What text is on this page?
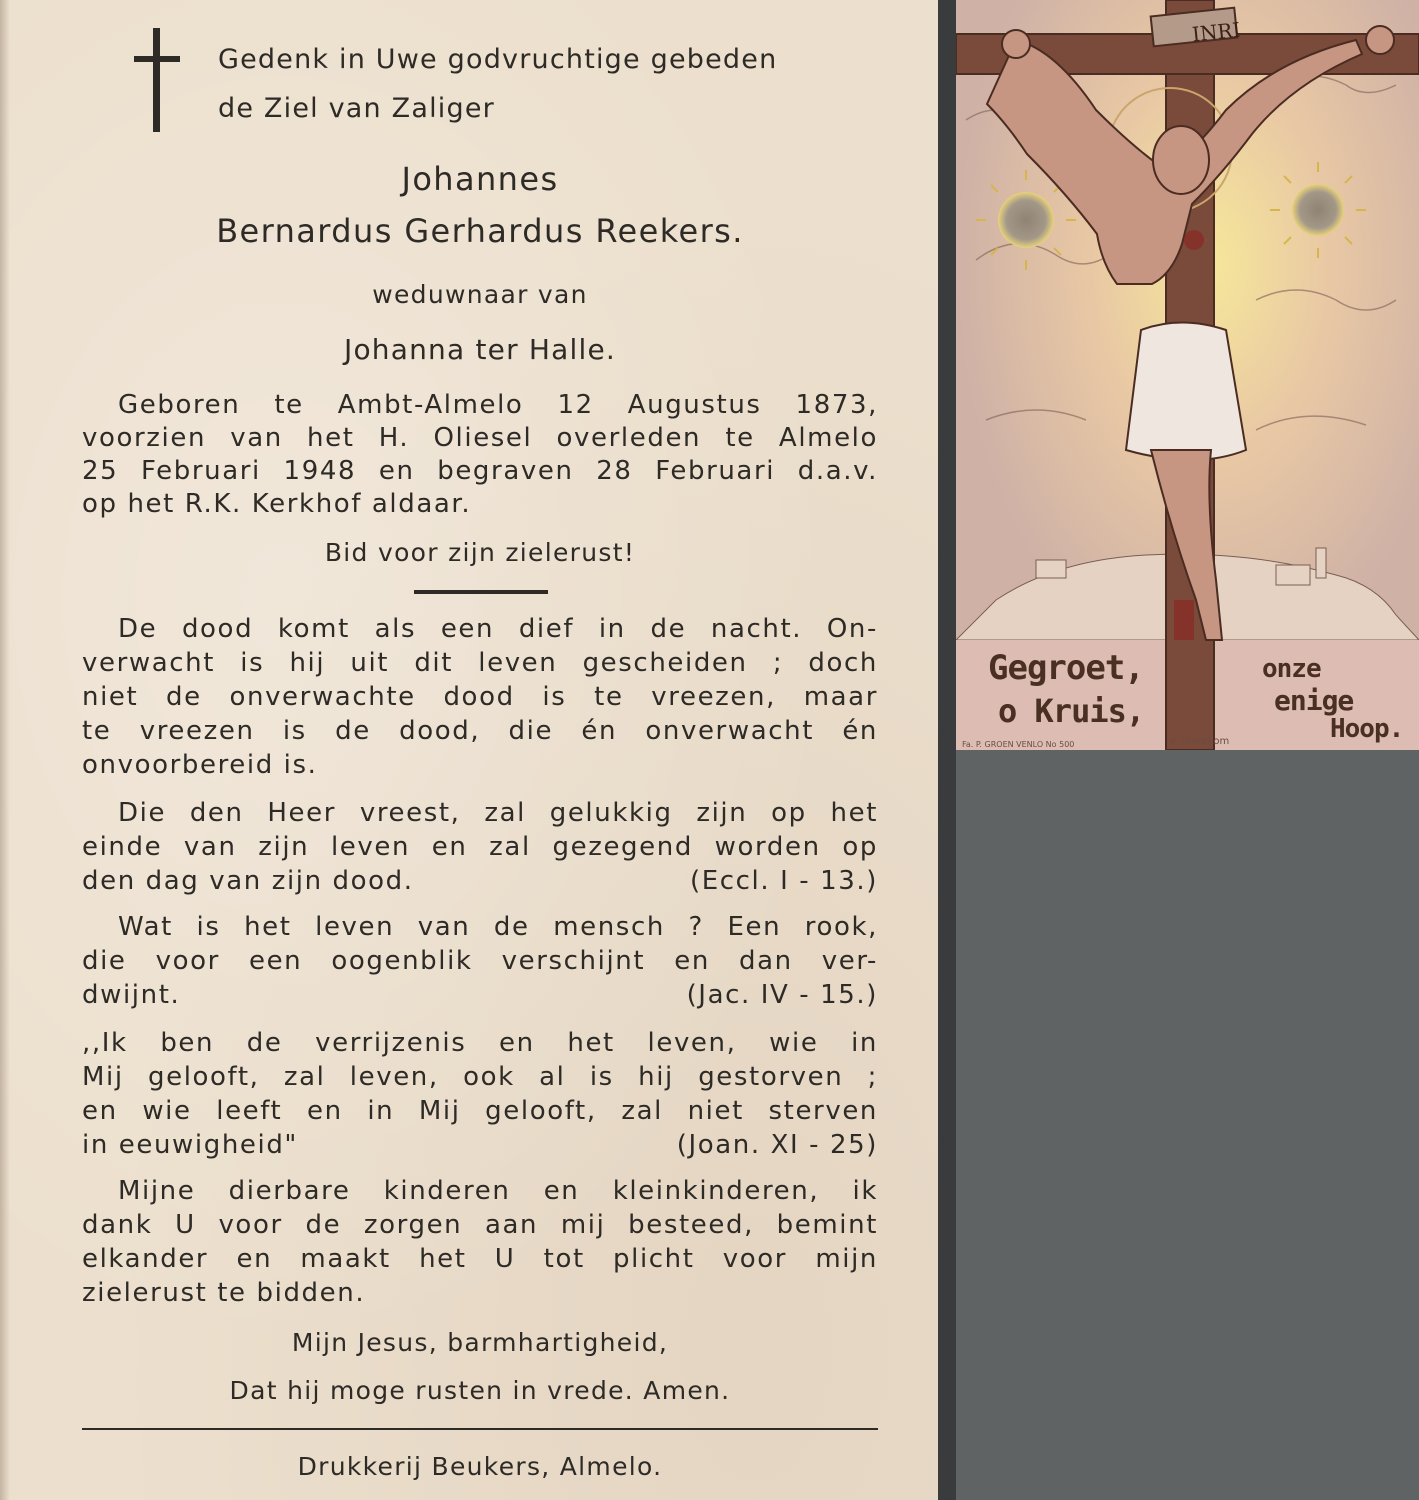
Gedenk in Uwe godvruchtige gebeden
de Ziel van Zaliger
Johannes
Bernardus Gerhardus Reekers.
weduwnaar van
Johanna ter Halle.
Geboren te Ambt-Almelo 12 Augustus 1873,
voorzien van het H. Oliesel overleden te Almelo
25 Februari 1948 en begraven 28 Februari d.a.v.
op het R.K. Kerkhof aldaar.
Bid voor zijn zielerust!
De dood komt als een dief in de nacht. On-
verwacht is hij uit dit leven gescheiden ; doch
niet de onverwachte dood is te vreezen, maar
te vreezen is de dood, die én onverwacht én
onvoorbereid is.
Die den Heer vreest, zal gelukkig zijn op het
einde van zijn leven en zal gezegend worden op
den dag van zijn dood.	(Eccl. I - 13.)
Wat is het leven van de mensch ? Een rook,
die voor een oogenblik verschijnt en dan ver-
dwijnt.	(Jac. IV - 15.)
,,Ik ben de verrijzenis en het leven, wie in
Mij gelooft, zal leven, ook al is hij gestorven ;
en wie leeft en in Mij gelooft, zal niet sterven
in eeuwigheid"	(Joan. XI - 25)
Mijne dierbare kinderen en kleinkinderen, ik
dank U voor de zorgen aan mij besteed, bemint
elkander en maakt het U tot plicht voor mijn
zielerust te bidden.
Mijn Jesus, barmhartigheid,
Dat hij moge rusten in vrede. Amen.
Drukkerij Beukers, Almelo.
INRI
Gegroet,
o Kruis,
onze
enige
Hoop.
Fa. P. GROEN VENLO No 500	v. Uloerkom
